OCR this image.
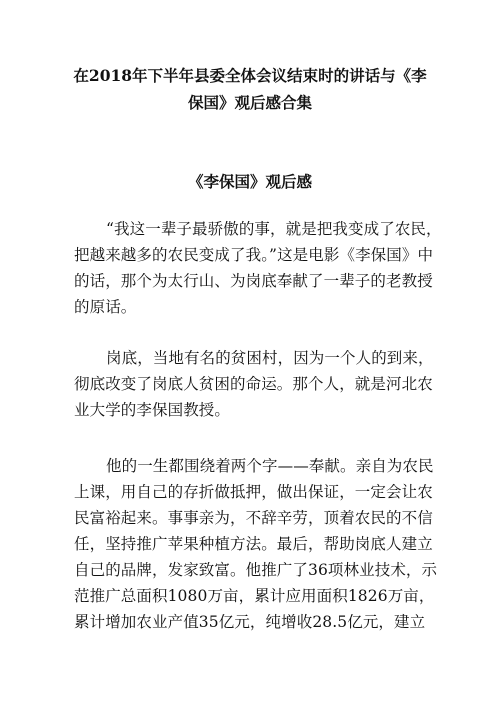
在2018年下半年县委全体会议结束时的讲话与《李
保国》观后感合集
《李保国》观后感

“我这一辈子最骄傲的事，就是把我变成了农民，
把越来越多的农民变成了我。”这是电影《李保国》中
的话，那个为太行山、为岗底奉献了一辈子的老教授
的原话。

岗底，当地有名的贫困村，因为一个人的到来，
彻底改变了岗底人贫困的命运。那个人，就是河北农
业大学的李保国教授。

他的一生都围绕着两个字——奉献。亲自为农民
上课，用自己的存折做抵押，做出保证，一定会让农
民富裕起来。事事亲为，不辞辛劳，顶着农民的不信
任，坚持推广苹果种植方法。最后，帮助岗底人建立
自己的品牌，发家致富。他推广了36项林业技术，示
范推广总面积1080万亩，累计应用面积1826万亩，
累计增加农业产值35亿元，纯增收28.5亿元，建立
